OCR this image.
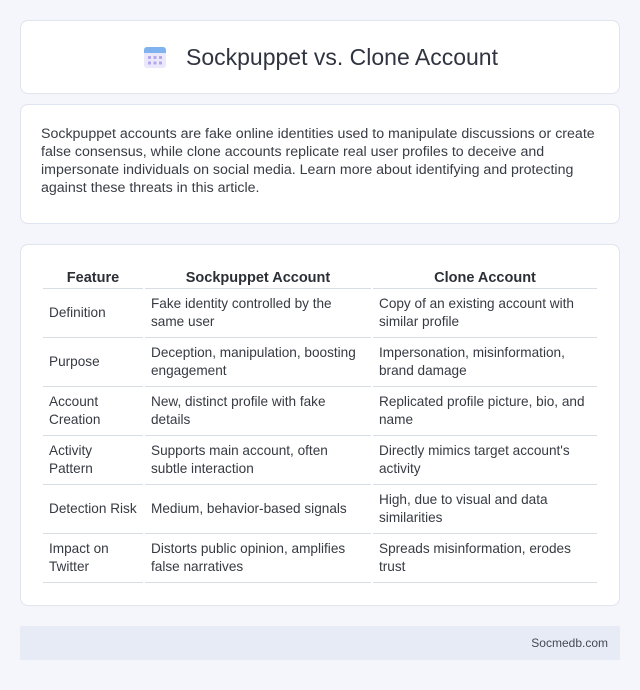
Sockpuppet vs. Clone Account

Sockpuppet accounts are fake online identities used to manipulate discussions or create false consensus, while clone accounts replicate real user profiles to deceive and impersonate individuals on social media. Learn more about identifying and protecting against these threats in this article.

Feature	Sockpuppet Account	Clone Account
Definition	Fake identity controlled by the same user	Copy of an existing account with similar profile
Purpose	Deception, manipulation, boosting engagement	Impersonation, misinformation, brand damage
Account Creation	New, distinct profile with fake details	Replicated profile picture, bio, and name
Activity Pattern	Supports main account, often subtle interaction	Directly mimics target account's activity
Detection Risk	Medium, behavior-based signals	High, due to visual and data similarities
Impact on Twitter	Distorts public opinion, amplifies false narratives	Spreads misinformation, erodes trust
Socmedb.com
